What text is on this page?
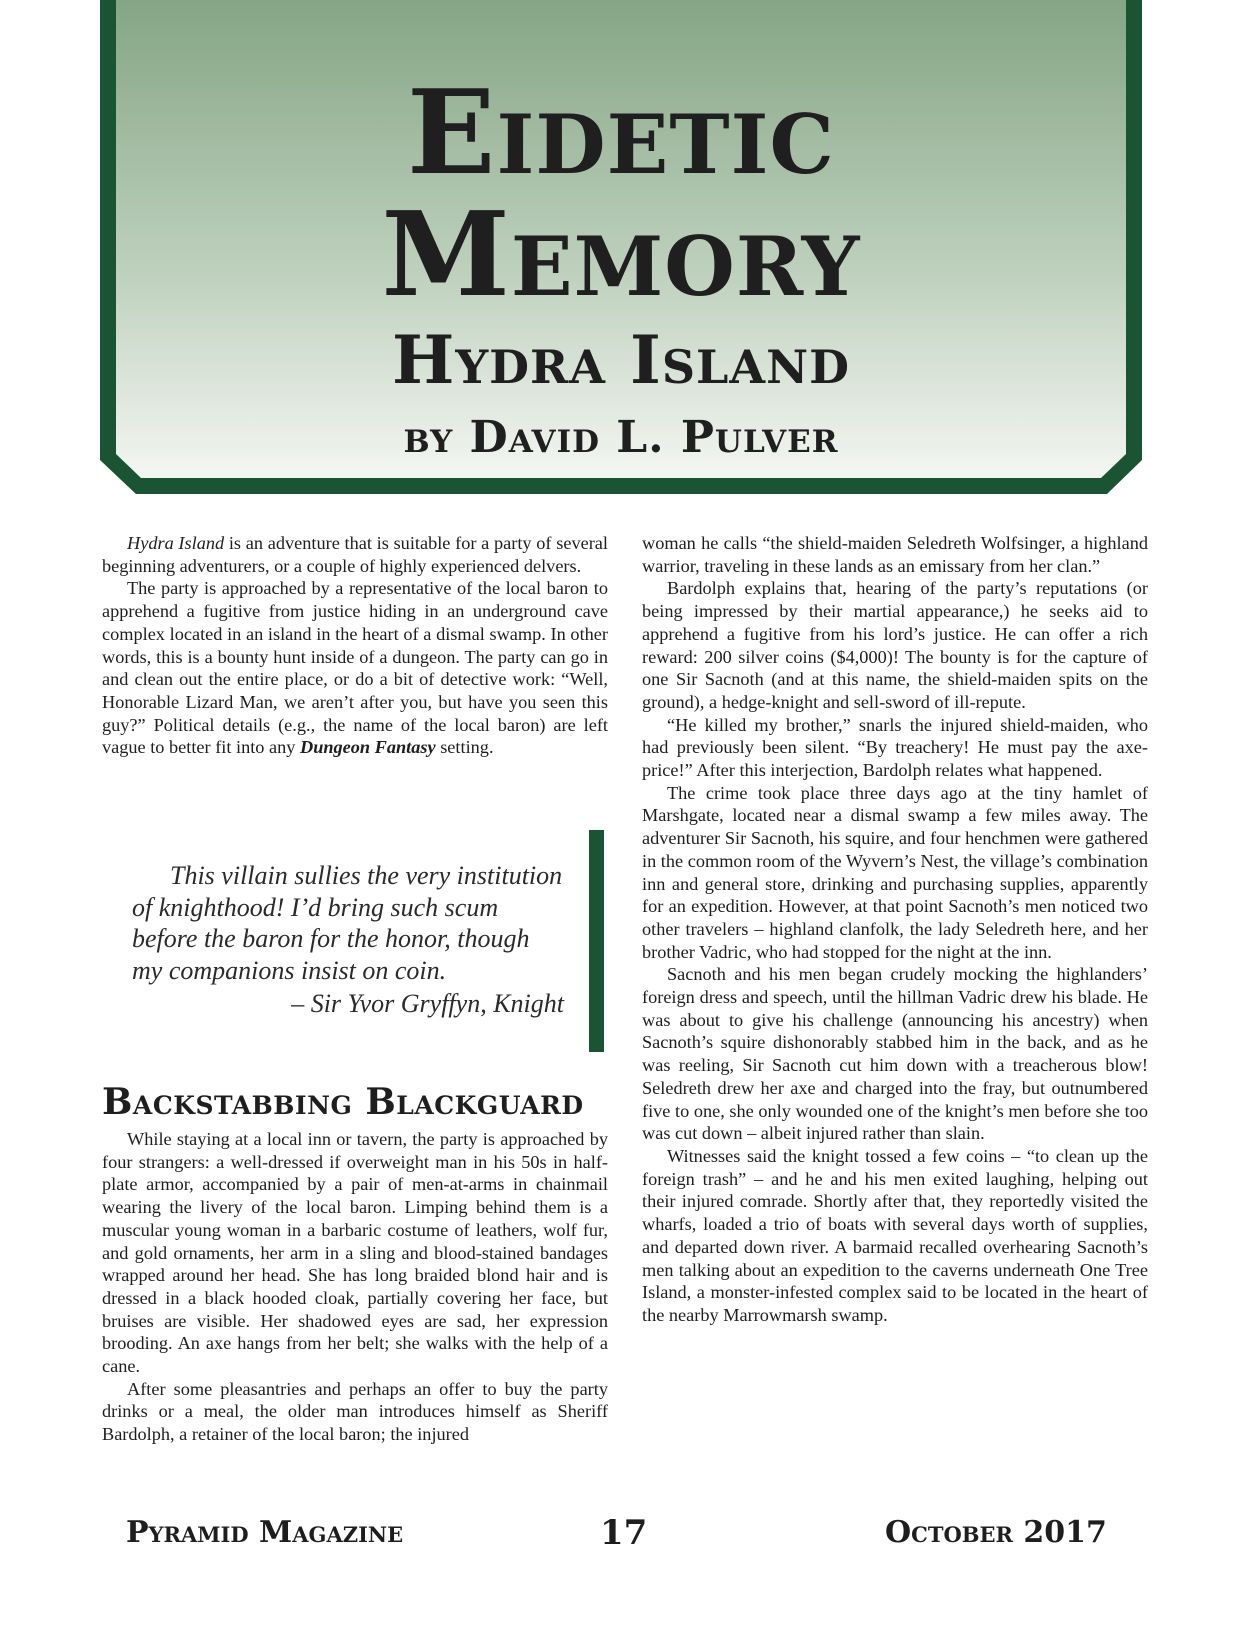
Eidetic
Memory
Hydra Island
by David L. Pulver

Hydra Island is an adventure that is suitable for a party of several beginning adventurers, or a couple of highly experienced delvers.

The party is approached by a representative of the local baron to apprehend a fugitive from justice hiding in an underground cave complex located in an island in the heart of a dismal swamp. In other words, this is a bounty hunt inside of a dungeon. The party can go in and clean out the entire place, or do a bit of detective work: “Well, Honorable Lizard Man, we aren’t after you, but have you seen this guy?” Political details (e.g., the name of the local baron) are left vague to better fit into any Dungeon Fantasy setting.

This villain sullies the very institution of knighthood! I’d bring such scum before the baron for the honor, though my companions insist on coin.

– Sir Yvor Gryffyn, Knight

Backstabbing Blackguard

While staying at a local inn or tavern, the party is approached by four strangers: a well-dressed if overweight man in his 50s in half-plate armor, accompanied by a pair of men-at-arms in chainmail wearing the livery of the local baron. Limping behind them is a muscular young woman in a barbaric costume of leathers, wolf fur, and gold ornaments, her arm in a sling and blood-stained bandages wrapped around her head. She has long braided blond hair and is dressed in a black hooded cloak, partially covering her face, but bruises are visible. Her shadowed eyes are sad, her expression brooding. An axe hangs from her belt; she walks with the help of a cane.

After some pleasantries and perhaps an offer to buy the party drinks or a meal, the older man introduces himself as Sheriff Bardolph, a retainer of the local baron; the injured

woman he calls “the shield-maiden Seledreth Wolfsinger, a highland warrior, traveling in these lands as an emissary from her clan.”

Bardolph explains that, hearing of the party’s reputations (or being impressed by their martial appearance,) he seeks aid to apprehend a fugitive from his lord’s justice. He can offer a rich reward: 200 silver coins ($4,000)! The bounty is for the capture of one Sir Sacnoth (and at this name, the shield-maiden spits on the ground), a hedge-knight and sell-sword of ill-repute.

“He killed my brother,” snarls the injured shield-maiden, who had previously been silent. “By treachery! He must pay the axe-price!” After this interjection, Bardolph relates what happened.

The crime took place three days ago at the tiny hamlet of Marshgate, located near a dismal swamp a few miles away. The adventurer Sir Sacnoth, his squire, and four henchmen were gathered in the common room of the Wyvern’s Nest, the village’s combination inn and general store, drinking and purchasing supplies, apparently for an expedition. However, at that point Sacnoth’s men noticed two other travelers – highland clanfolk, the lady Seledreth here, and her brother Vadric, who had stopped for the night at the inn.

Sacnoth and his men began crudely mocking the highlanders’ foreign dress and speech, until the hillman Vadric drew his blade. He was about to give his challenge (announcing his ancestry) when Sacnoth’s squire dishonorably stabbed him in the back, and as he was reeling, Sir Sacnoth cut him down with a treacherous blow! Seledreth drew her axe and charged into the fray, but outnumbered five to one, she only wounded one of the knight’s men before she too was cut down – albeit injured rather than slain.

Witnesses said the knight tossed a few coins – “to clean up the foreign trash” – and he and his men exited laughing, helping out their injured comrade. Shortly after that, they reportedly visited the wharfs, loaded a trio of boats with several days worth of supplies, and departed down river. A barmaid recalled overhearing Sacnoth’s men talking about an expedition to the caverns underneath One Tree Island, a monster-infested complex said to be located in the heart of the nearby Marrowmarsh swamp.

Pyramid Magazine	17	October 2017
